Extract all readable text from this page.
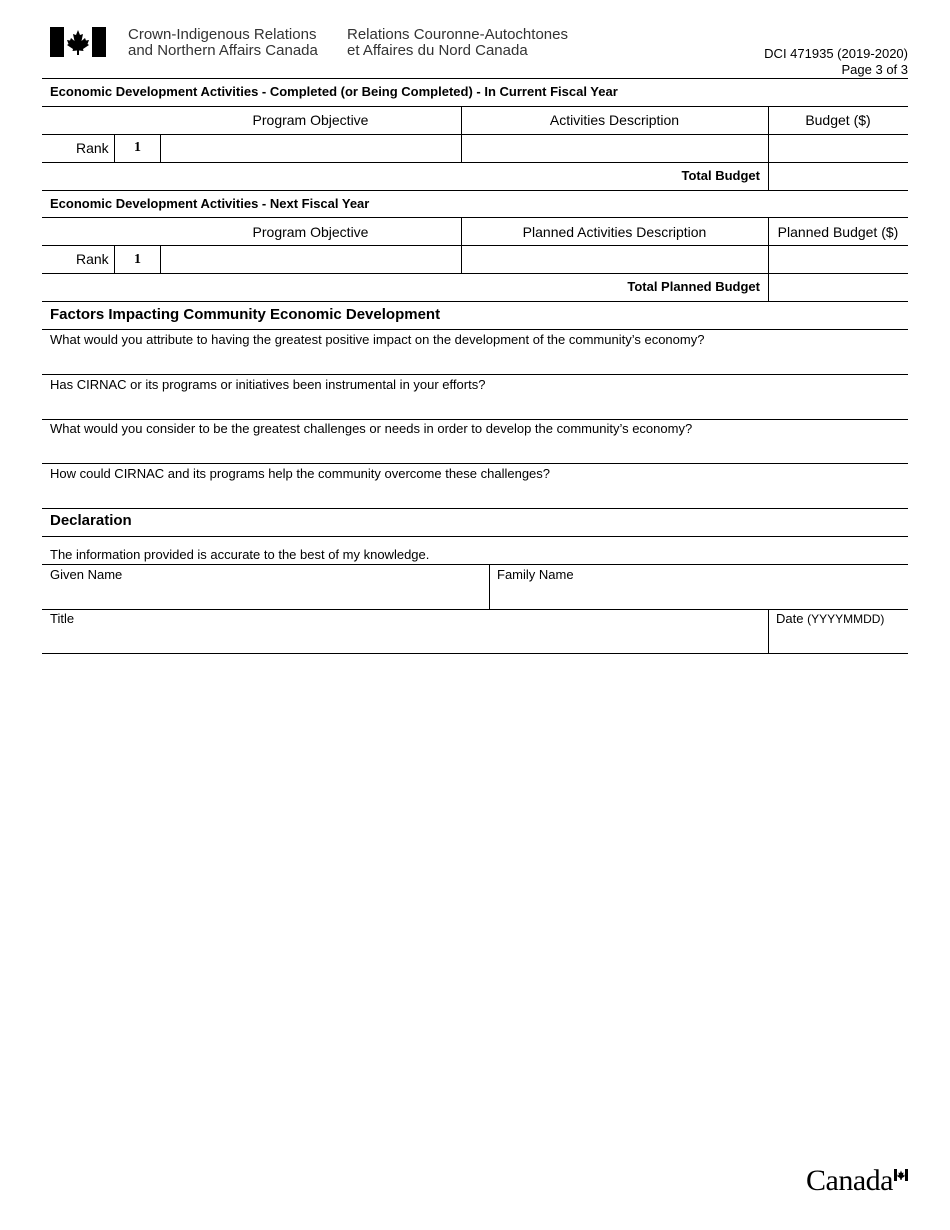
Crown-Indigenous Relations
and Northern Affairs Canada
Relations Couronne-Autochtones
et Affaires du Nord Canada	DCI 471935 (2019-2020)
Page 3 of 3
Economic Development Activities - Completed (or Being Completed) - In Current Fiscal Year
Program Objective	Activities Description	Budget ($)
Rank	1
Total Budget
Economic Development Activities - Next Fiscal Year
Program Objective	Planned Activities Description	Planned Budget ($)
Rank	1
Total Planned Budget
Factors Impacting Community Economic Development
What would you attribute to having the greatest positive impact on the development of the community’s economy?
Has CIRNAC or its programs or initiatives been instrumental in your efforts?
What would you consider to be the greatest challenges or needs in order to develop the community’s economy?
How could CIRNAC and its programs help the community overcome these challenges?
Declaration
The information provided is accurate to the best of my knowledge.
Given Name	Family Name
Title	Date (YYYYMMDD)
Canada
